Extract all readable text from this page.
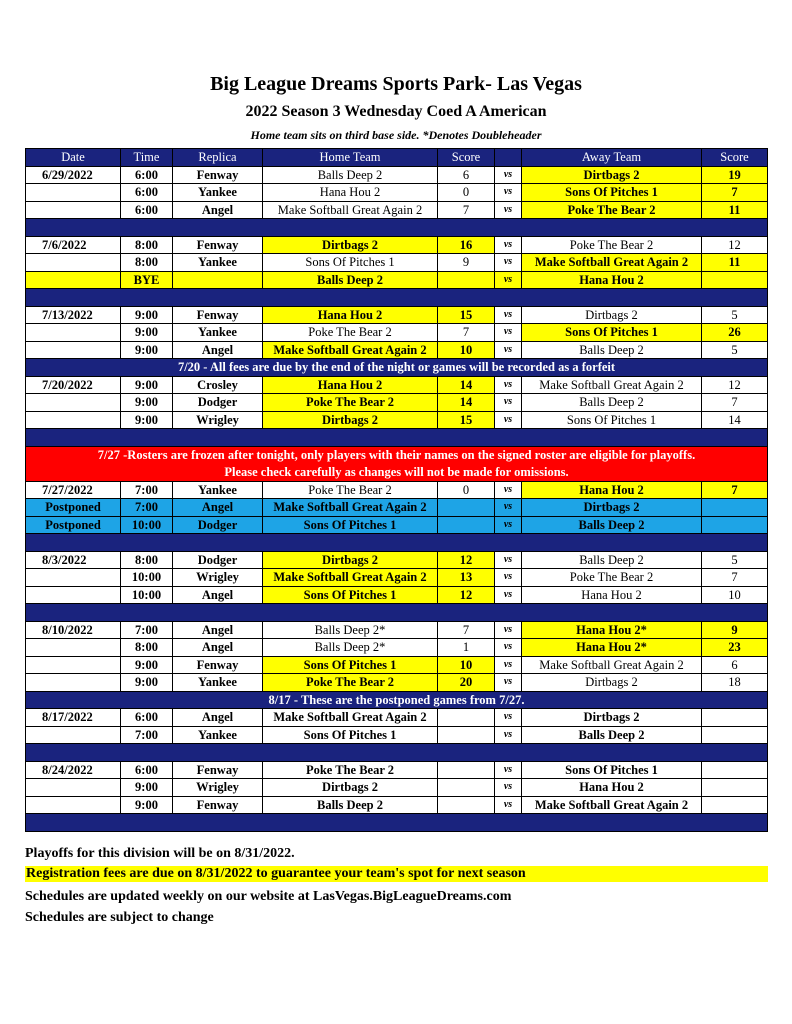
Big League Dreams Sports Park- Las Vegas
2022 Season 3 Wednesday Coed A American
Home team sits on third base side. *Denotes Doubleheader
Date	Time	Replica	Home Team	Score		Away Team	Score
6/29/2022	6:00	Fenway	Balls Deep 2	6	vs	Dirtbags 2	19
	6:00	Yankee	Hana Hou 2	0	vs	Sons Of Pitches 1	7
	6:00	Angel	Make Softball Great Again 2	7	vs	Poke The Bear 2	11

7/6/2022	8:00	Fenway	Dirtbags 2	16	vs	Poke The Bear 2	12
	8:00	Yankee	Sons Of Pitches 1	9	vs	Make Softball Great Again 2	11
	BYE		Balls Deep 2		vs	Hana Hou 2	

7/13/2022	9:00	Fenway	Hana Hou 2	15	vs	Dirtbags 2	5
	9:00	Yankee	Poke The Bear 2	7	vs	Sons Of Pitches 1	26
	9:00	Angel	Make Softball Great Again 2	10	vs	Balls Deep 2	5
7/20 - All fees are due by the end of the night or games will be recorded as a forfeit							
7/20/2022	9:00	Crosley	Hana Hou 2	14	vs	Make Softball Great Again 2	12
	9:00	Dodger	Poke The Bear 2	14	vs	Balls Deep 2	7
	9:00	Wrigley	Dirtbags 2	15	vs	Sons Of Pitches 1	14

7/27 -Rosters are frozen after tonight, only players with their names on the signed roster are eligible for playoffs.
Please check carefully as changes will not be made for omissions.							

7/27/2022	7:00	Yankee	Poke The Bear 2	0	vs	Hana Hou 2	7
Postponed	7:00	Angel	Make Softball Great Again 2		vs	Dirtbags 2	
Postponed	10:00	Dodger	Sons Of Pitches 1		vs	Balls Deep 2	

8/3/2022	8:00	Dodger	Dirtbags 2	12	vs	Balls Deep 2	5
	10:00	Wrigley	Make Softball Great Again 2	13	vs	Poke The Bear 2	7
	10:00	Angel	Sons Of Pitches 1	12	vs	Hana Hou 2	10

8/10/2022	7:00	Angel	Balls Deep 2*	7	vs	Hana Hou 2*	9
	8:00	Angel	Balls Deep 2*	1	vs	Hana Hou 2*	23
	9:00	Fenway	Sons Of Pitches 1	10	vs	Make Softball Great Again 2	6
	9:00	Yankee	Poke The Bear 2	20	vs	Dirtbags 2	18
8/17 - These are the postponed games from 7/27.							
8/17/2022	6:00	Angel	Make Softball Great Again 2		vs	Dirtbags 2	
	7:00	Yankee	Sons Of Pitches 1		vs	Balls Deep 2	

8/24/2022	6:00	Fenway	Poke The Bear 2		vs	Sons Of Pitches 1	
	9:00	Wrigley	Dirtbags 2		vs	Hana Hou 2	
	9:00	Fenway	Balls Deep 2		vs	Make Softball Great Again 2	

Playoffs for this division will be on 8/31/2022.
Registration fees are due on 8/31/2022 to guarantee your team's spot for next season
Schedules are updated weekly on our website at LasVegas.BigLeagueDreams.com
Schedules are subject to change
